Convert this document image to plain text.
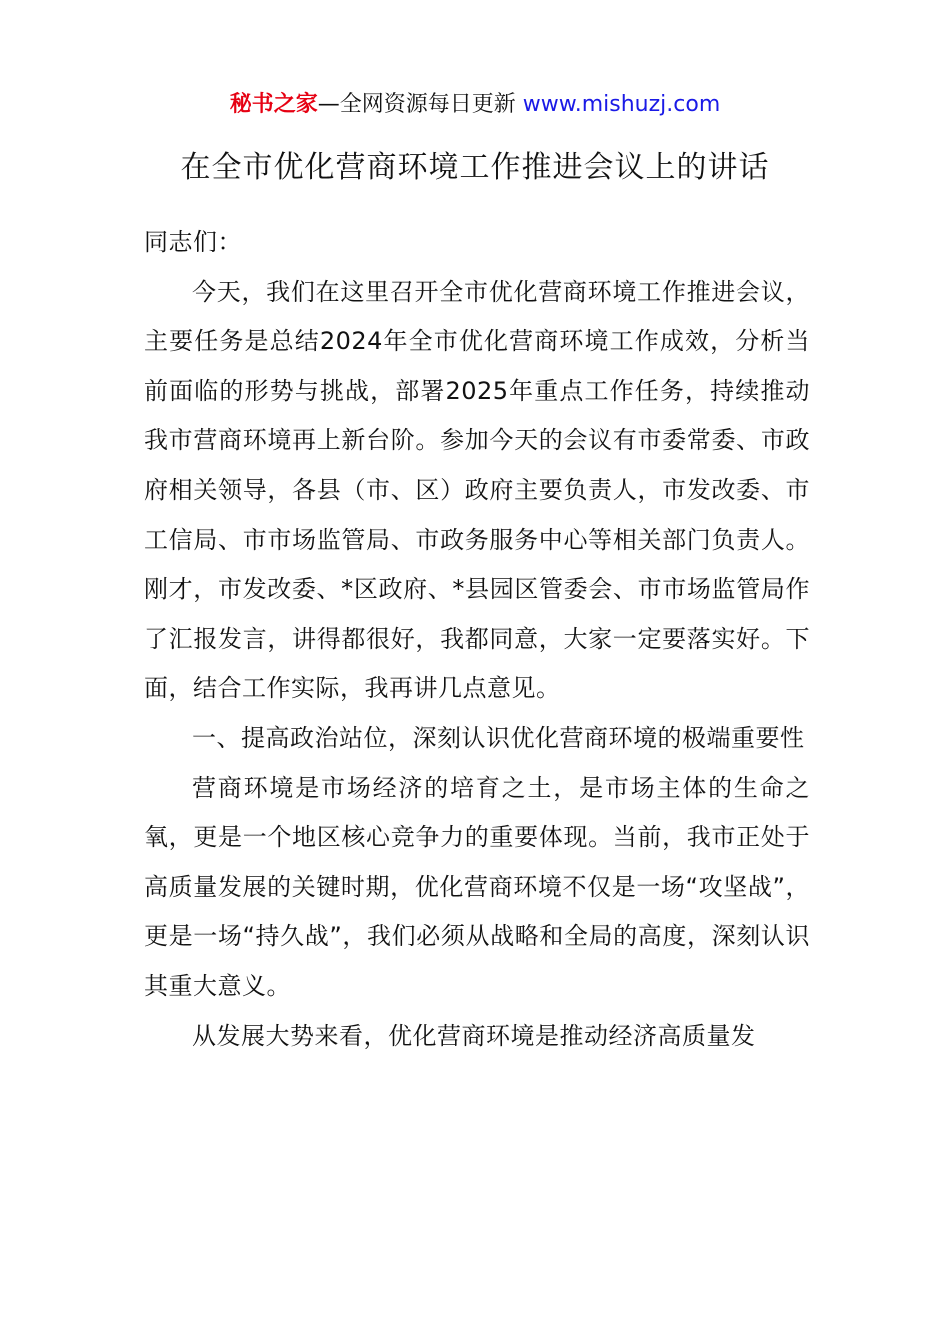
秘书之家—全网资源每日更新 www.mishuzj.com
在全市优化营商环境工作推进会议上的讲话

同志们：

今天，我们在这里召开全市优化营商环境工作推进会议，主要任务是总结2024年全市优化营商环境工作成效，分析当前面临的形势与挑战，部署2025年重点工作任务，持续推动我市营商环境再上新台阶。参加今天的会议有市委常委、市政府相关领导，各县（市、区）政府主要负责人，市发改委、市工信局、市市场监管局、市政务服务中心等相关部门负责人。刚才，市发改委、*区政府、*县园区管委会、市市场监管局作了汇报发言，讲得都很好，我都同意，大家一定要落实好。下面，结合工作实际，我再讲几点意见。

一、提高政治站位，深刻认识优化营商环境的极端重要性

营商环境是市场经济的培育之土，是市场主体的生命之氧，更是一个地区核心竞争力的重要体现。当前，我市正处于高质量发展的关键时期，优化营商环境不仅是一场“攻坚战”，更是一场“持久战”，我们必须从战略和全局的高度，深刻认识其重大意义。

从发展大势来看，优化营商环境是推动经济高质量发
